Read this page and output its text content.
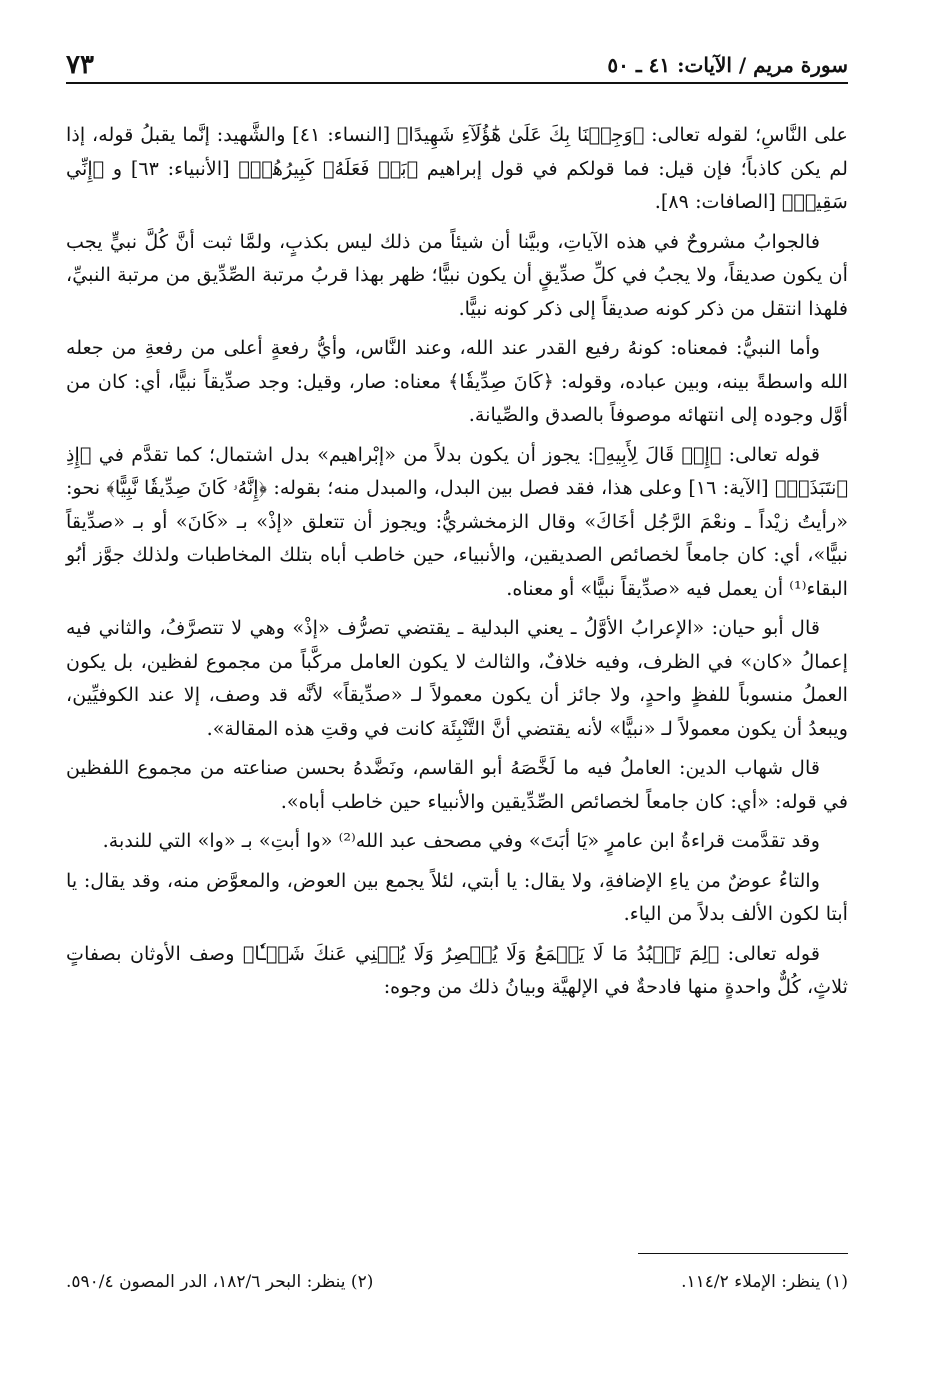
سورة مريم / الآيات: ٤١ ـ ٥٠
٧٣

على النَّاسِ؛ لقوله تعالى: ﴿وَجِئۡنَا بِكَ عَلَىٰ هَٰٓؤُلَآءِ شَهِيدًا﴾ [النساء: ٤١] والشَّهيد: إنَّما يقبلُ قوله، إذا لم يكن كاذباً؛ فإن قيل: فما قولكم في قول إبراهيم ﴿بَلۡ فَعَلَهُۥ كَبِيرُهُمۡ﴾ [الأنبياء: ٦٣] و ﴿إِنِّي سَقِيمٞ﴾ [الصافات: ٨٩].

فالجوابُ مشروحٌ في هذه الآياتِ، وبيَّنا أن شيئاً من ذلك ليس بكذبٍ، ولمَّا ثبت أنَّ كُلَّ نبيٍّ يجب أن يكون صديقاً، ولا يجبُ في كلِّ صدِّيقٍ أن يكون نبيًّا؛ ظهر بهذا قربُ مرتبة الصِّدِّيق من مرتبة النبيِّ، فلهذا انتقل من ذكر كونه صديقاً إلى ذكر كونه نبيًّا.

وأما النبيُّ: فمعناه: كونهُ رفيع القدر عند الله، وعند النَّاس، وأيُّ رفعةٍ أعلى من رفعةِ من جعله الله واسطةً بينه، وبين عباده، وقوله: ﴿كَانَ صِدِّيقٗا﴾ معناه: صار، وقيل: وجد صدِّيقاً نبيًّا، أي: كان من أوَّل وجوده إلى انتهائه موصوفاً بالصدق والصِّيانة.

قوله تعالى: ﴿إِذۡ قَالَ لِأَبِيهِ﴾: يجوز أن يكون بدلاً من «إبْراهيم» بدل اشتمال؛ كما تقدَّم في ﴿إِذِ ٱنتَبَذَتۡ﴾ [الآية: ١٦] وعلى هذا، فقد فصل بين البدل، والمبدل منه؛ بقوله: ﴿إِنَّهُۥ كَانَ صِدِّيقٗا نَّبِيًّا﴾ نحو: «رأيتُ زيْداً ـ ونعْمَ الرَّجُل أخَاكَ» وقال الزمخشريُّ: ويجوز أن تتعلق «إذْ» بـ «كَانَ» أو بـ «صدِّيقاً نبيًّا»، أي: كان جامعاً لخصائص الصديقين، والأنبياء، حين خاطب أباه بتلك المخاطبات ولذلك جوَّز أبُو البقاء⁽¹⁾ أن يعمل فيه «صدِّيقاً نبيًّا» أو معناه.

قال أبو حيان: «الإعرابُ الأوَّلُ ـ يعني البدلية ـ يقتضي تصرُّف «إذْ» وهي لا تتصرَّفُ، والثاني فيه إعمالُ «كان» في الظرف، وفيه خلافٌ، والثالث لا يكون العامل مركَّباً من مجموع لفظين، بل يكون العملُ منسوباً للفظٍ واحدٍ، ولا جائز أن يكون معمولاً لـ «صدِّيقاً» لأنَّه قد وصف، إلا عند الكوفيِّين، ويبعدُ أن يكون معمولاً لـ «نبيًّا» لأنه يقتضي أنَّ التَّنْبِئَة كانت في وقتِ هذه المقالة».

قال شهاب الدين: العاملُ فيه ما لَخَّصَهُ أبو القاسم، ونَضَّدهُ بحسن صناعته من مجموع اللفظين في قوله: «أي: كان جامعاً لخصائص الصِّدِّيقين والأنبياء حين خاطب أباه».

وقد تقدَّمت قراءةُ ابن عامرٍ «يَا أبَتَ» وفي مصحف عبد الله⁽²⁾ «وا أبتِ» بـ «وا» التي للندبة.

والتاءُ عوضٌ من ياءِ الإضافةِ، ولا يقال: يا أبتي، لئلاً يجمع بين العوض، والمعوَّض منه، وقد يقال: يا أبتا لكون الألف بدلاً من الياء.

قوله تعالى: ﴿لِمَ تَعۡبُدُ مَا لَا يَسۡمَعُ وَلَا يُبۡصِرُ وَلَا يُغۡنِي عَنكَ شَيۡـٔٗا﴾ وصف الأوثان بصفاتٍ ثلاثٍ، كُلٌّ واحدةٍ منها فادحةٌ في الإلهيَّة وبيانُ ذلك من وجوه:

(١) ينظر: الإملاء ١١٤/٢.
(٢) ينظر: البحر ١٨٢/٦، الدر المصون ٥٩٠/٤.
